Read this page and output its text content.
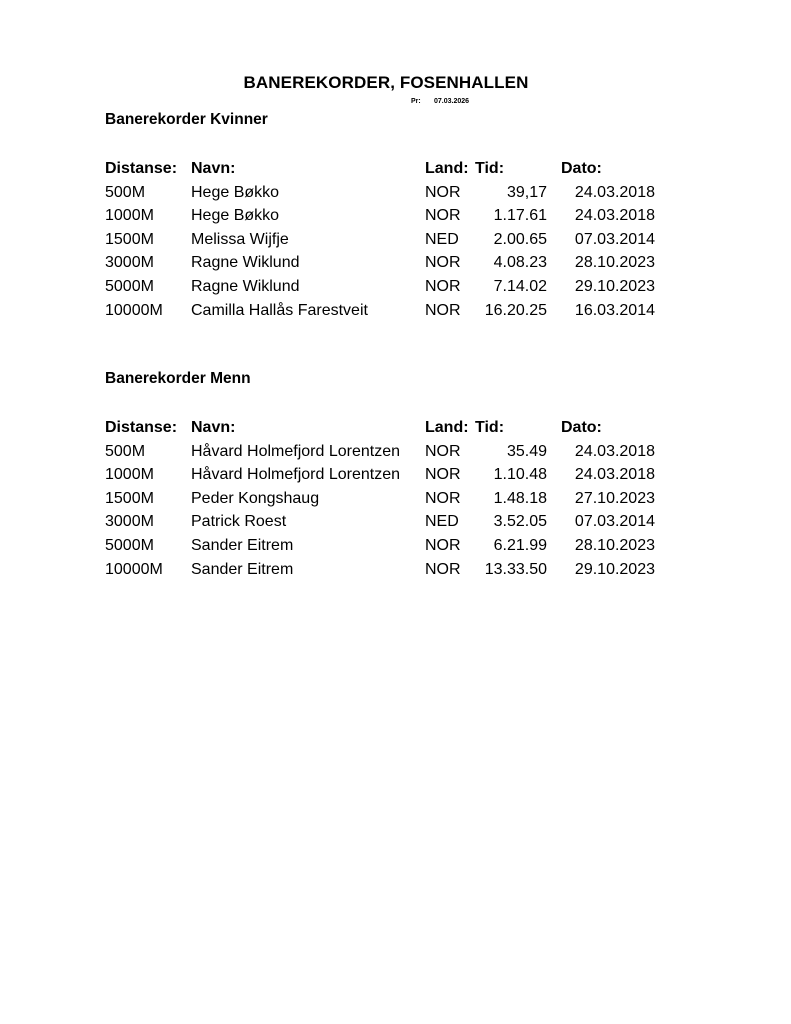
BANEREKORDER, FOSENHALLEN
Pr: 07.03.2026
Banerekorder Kvinner
Distanse: Navn:	Land: Tid:	Dato:
500M	Hege Bøkko	NOR	39,17	24.03.2018
1000M Hege Bøkko	NOR	1.17.61	24.03.2018
1500M Melissa Wijfje	NED	2.00.65	07.03.2014
3000M Ragne Wiklund	NOR	4.08.23	28.10.2023
5000M Ragne Wiklund	NOR	7.14.02	29.10.2023
10000M Camilla Hallås Farestveit	NOR	16.20.25	16.03.2014
Banerekorder Menn
Distanse: Navn:	Land: Tid:	Dato:
500M	Håvard Holmefjord Lorentzen NOR	35.49	24.03.2018
1000M Håvard Holmefjord Lorentzen NOR	1.10.48	24.03.2018
1500M Peder Kongshaug	NOR	1.48.18	27.10.2023
3000M Patrick Roest	NED	3.52.05	07.03.2014
5000M Sander Eitrem	NOR	6.21.99	28.10.2023
10000M Sander Eitrem	NOR	13.33.50	29.10.2023
